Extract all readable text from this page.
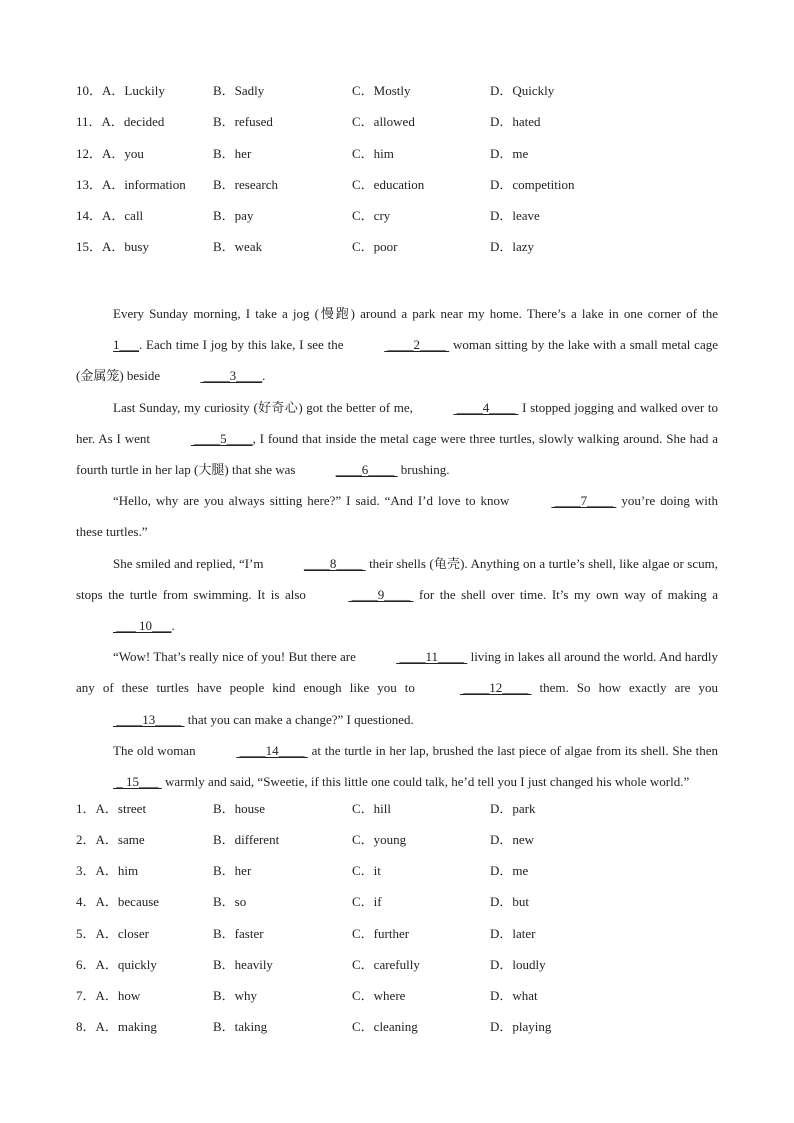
10．A．Luckily	B．Sadly	C．Mostly	D．Quickly
11．A．decided	B．refused	C．allowed	D．hated
12．A．you	B．her	C．him	D．me
13．A．information	B．research	C．education	D．competition
14．A．call	B．pay	C．cry	D．leave
15．A．busy	B．weak	C．poor	D．lazy

Every Sunday morning, I take a jog (慢跑) around a park near my home. There’s a lake in one corner of the 1___. Each time I jog by this lake, I see the	____2____  woman sitting by the lake with a small metal cage (金属笼) beside	____3____.

Last Sunday, my curiosity (好奇心) got the better of me,	____4____  I stopped jogging and walked over to her. As I went	____5____, I found that inside the metal cage were three turtles, slowly walking around. She had a fourth turtle in her lap (大腿) that she was	____6____  brushing.

“Hello, why are you always sitting here?” I said. “And I’d love to know	____7____  you’re doing with these turtles.”

She smiled and replied, “I’m	____8____  their shells (龟壳). Anything on a turtle’s shell, like algae or scum, stops the turtle from swimming. It is also	____9____  for the shell over time. It’s my own way of making a  ___ 10___.

“Wow! That’s really nice of you! But there are	____11____  living in lakes all around the world. And hardly any of these turtles have people kind enough like you to	____12____  them. So how exactly are you  ____13____  that you can make a change?” I questioned.

The old woman	____14____  at the turtle in her lap, brushed the last piece of algae from its shell. She then  _ 15___  warmly and said, “Sweetie, if this little one could talk, he’d tell you I just changed his whole world.”

1．A．street	B．house	C．hill	D．park
2．A．same	B．different	C．young	D．new
3．A．him	B．her	C．it	D．me
4．A．because	B．so	C．if	D．but
5．A．closer	B．faster	C．further	D．later
6．A．quickly	B．heavily	C．carefully	D．loudly
7．A．how	B．why	C．where	D．what
8．A．making	B．taking	C．cleaning	D．playing
